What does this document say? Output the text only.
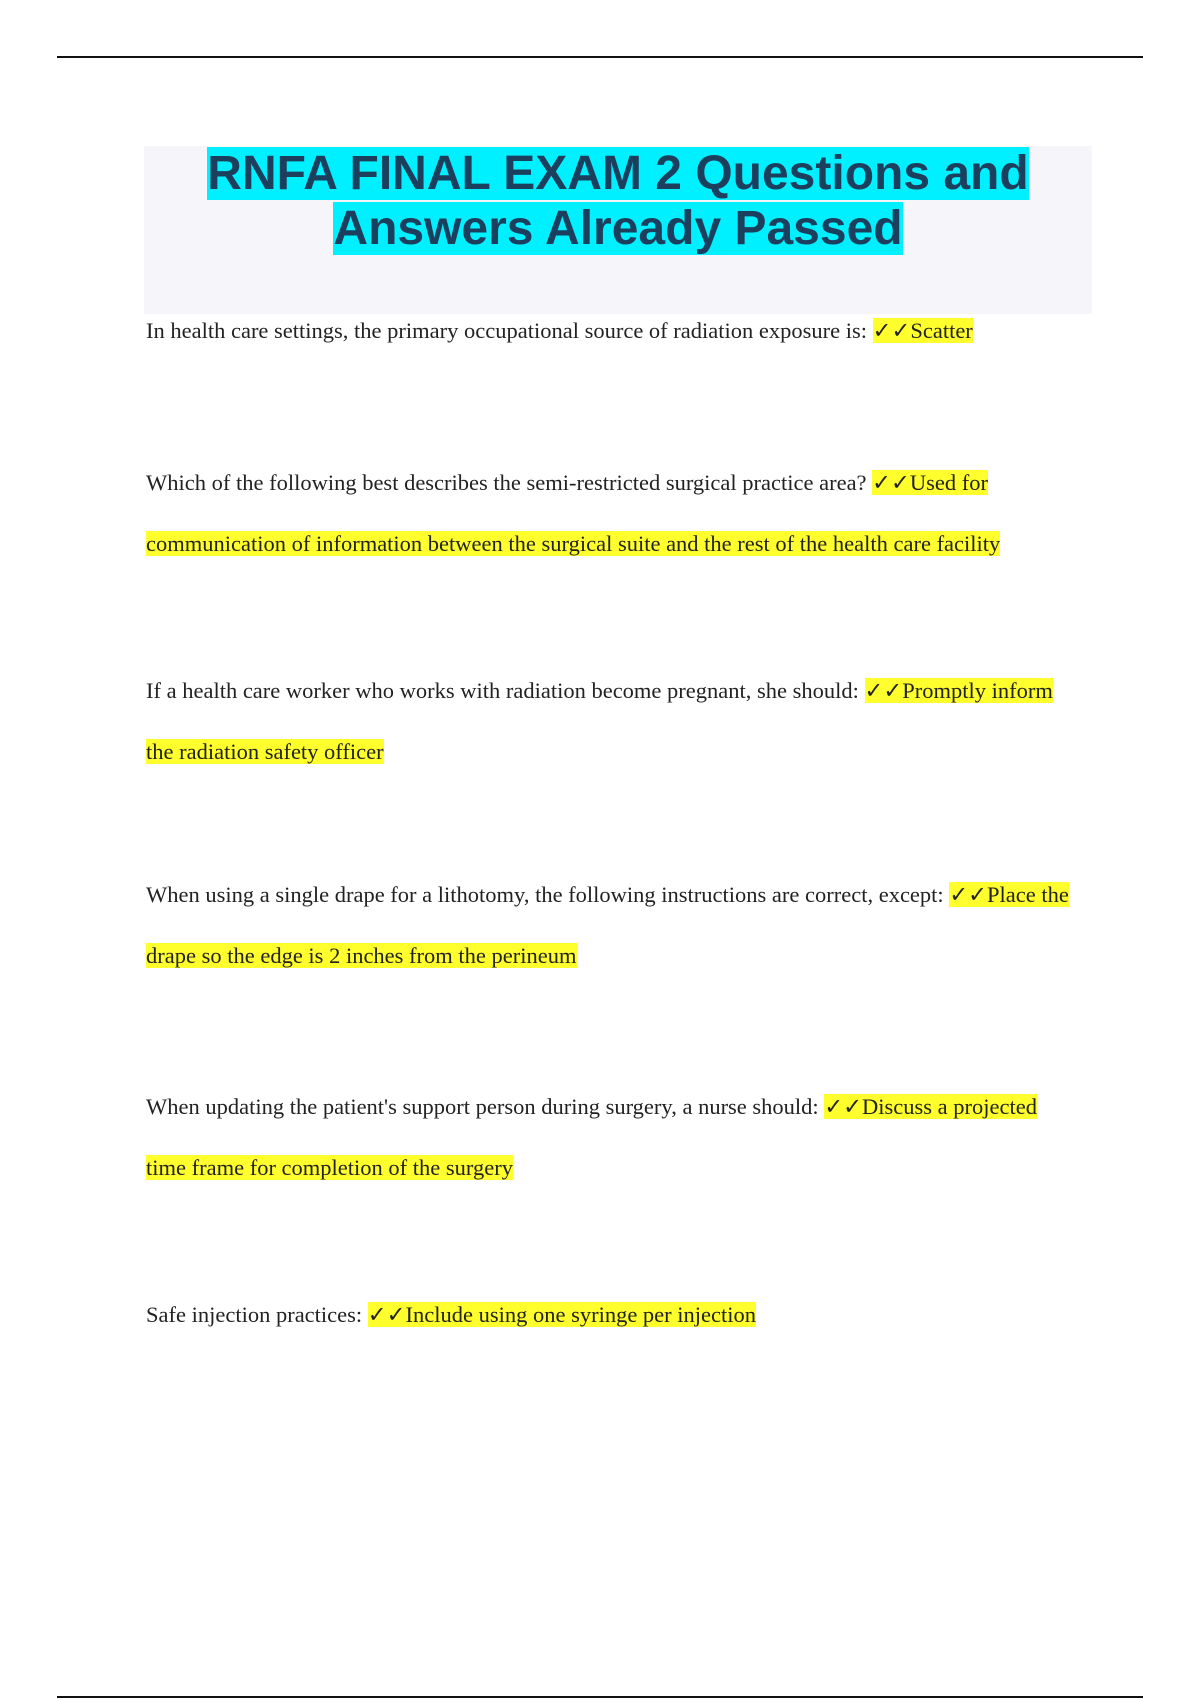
RNFA FINAL EXAM 2 Questions and
Answers Already Passed

In health care settings, the primary occupational source of radiation exposure is: ✓✓Scatter

Which of the following best describes the semi-restricted surgical practice area? ✓✓Used for communication of information between the surgical suite and the rest of the health care facility

If a health care worker who works with radiation become pregnant, she should: ✓✓Promptly inform the radiation safety officer

When using a single drape for a lithotomy, the following instructions are correct, except: ✓✓Place the drape so the edge is 2 inches from the perineum

When updating the patient's support person during surgery, a nurse should: ✓✓Discuss a projected time frame for completion of the surgery

Safe injection practices: ✓✓Include using one syringe per injection
